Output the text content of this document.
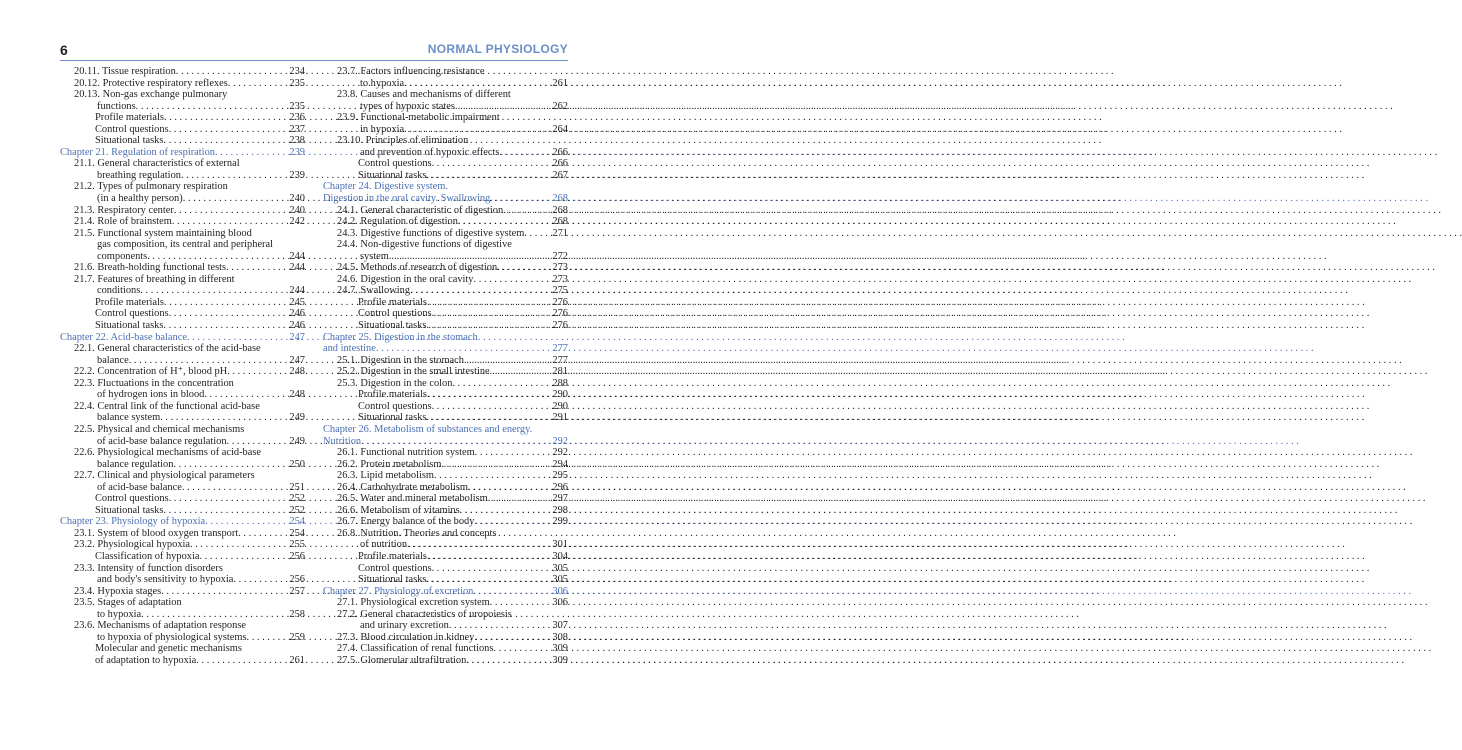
6	NORMAL PHYSIOLOGY
20.11. Tissue respiration . . .	234
20.12. Protective respiratory reflexes . . .	235
20.13. Non-gas exchange pulmonary
functions . . .	235
Profile materials . . .	236
Control questions . . .	237
Situational tasks . . .	238
Chapter 21. Regulation of respiration . . .	239
21.1. General characteristics of external
breathing regulation . . .	239
21.2. Types of pulmonary respiration
(in a healthy person) . . .	240
21.3. Respiratory center . . .	240
21.4. Role of brainstem . . .	242
21.5. Functional system maintaining blood
gas composition, its central and peripheral
components . . .	244
21.6. Breath-holding functional tests . . .	244
21.7. Features of breathing in different
conditions . . .	244
Profile materials . . .	245
Control questions . . .	246
Situational tasks . . .	246
Chapter 22. Acid-base balance . . .	247
22.1. General characteristics of the acid-base
balance . . .	247
22.2. Concentration of H⁺, blood pH . . .	248
22.3. Fluctuations in the concentration
of hydrogen ions in blood . . .	248
22.4. Central link of the functional acid-base
balance system . . .	249
22.5. Physical and chemical mechanisms
of acid-base balance regulation . . .	249
22.6. Physiological mechanisms of acid-base
balance regulation . . .	250
22.7. Clinical and physiological parameters
of acid-base balance . . .	251
Control questions . . .	252
Situational tasks . . .	252
Chapter 23. Physiology of hypoxia . . .	254
23.1. System of blood oxygen transport . . .	254
23.2. Physiological hypoxia . . .	255
Classification of hypoxia . . .	256
23.3. Intensity of function disorders
and body's sensitivity to hypoxia . . .	256
23.4. Hypoxia stages . . .	257
23.5. Stages of adaptation
to hypoxia . . .	258
23.6. Mechanisms of adaptation response
to hypoxia of physiological systems . . .	259
Molecular and genetic mechanisms
of adaptation to hypoxia . . .	261
23.7. Factors influencing resistance
to hypoxia . . .	261
23.8. Causes and mechanisms of different
types of hypoxic states . . .	262
23.9. Functional-metabolic impairment
in hypoxia . . .	264
23.10. Principles of elimination
and prevention of hypoxic effects . . .	266
Control questions . . .	266
Situational tasks . . .	267
Chapter 24. Digestive system.
Digestion in the oral cavity. Swallowing . . .	268
24.1. General characteristic of digestion . . .	268
24.2. Regulation of digestion . . .	268
24.3. Digestive functions of digestive system . . .	271
24.4. Non-digestive functions of digestive
system . . .	272
24.5. Methods of research of digestion . . .	273
24.6. Digestion in the oral cavity . . .	273
24.7. Swallowing . . .	275
Profile materials . . .	276
Control questions . . .	276
Situational tasks . . .	276
Chapter 25. Digestion in the stomach
and intestine . . .	277
25.1. Digestion in the stomach . . .	277
25.2. Digestion in the small intestine . . .	281
25.3. Digestion in the colon . . .	288
Profile materials . . .	290
Control questions . . .	290
Situational tasks . . .	291
Chapter 26. Metabolism of substances and energy.
Nutrition . . .	292
26.1. Functional nutrition system . . .	292
26.2. Protein metabolism . . .	294
26.3. Lipid metabolism . . .	295
26.4. Carbohydrate metabolism . . .	296
26.5. Water and mineral metabolism . . .	297
26.6. Metabolism of vitamins . . .	298
26.7. Energy balance of the body . . .	299
26.8. Nutrition. Theories and concepts
of nutrition . . .	301
Profile materials . . .	304
Control questions . . .	305
Situational tasks . . .	305
Chapter 27. Physiology of excretion . . .	306
27.1. Physiological excretion system . . .	306
27.2. General characteristics of uropoiesis
and urinary excretion . . .	307
27.3. Blood circulation in kidney . . .	308
27.4. Classification of renal functions . . .	309
27.5. Glomerular ultrafiltration . . .	309
